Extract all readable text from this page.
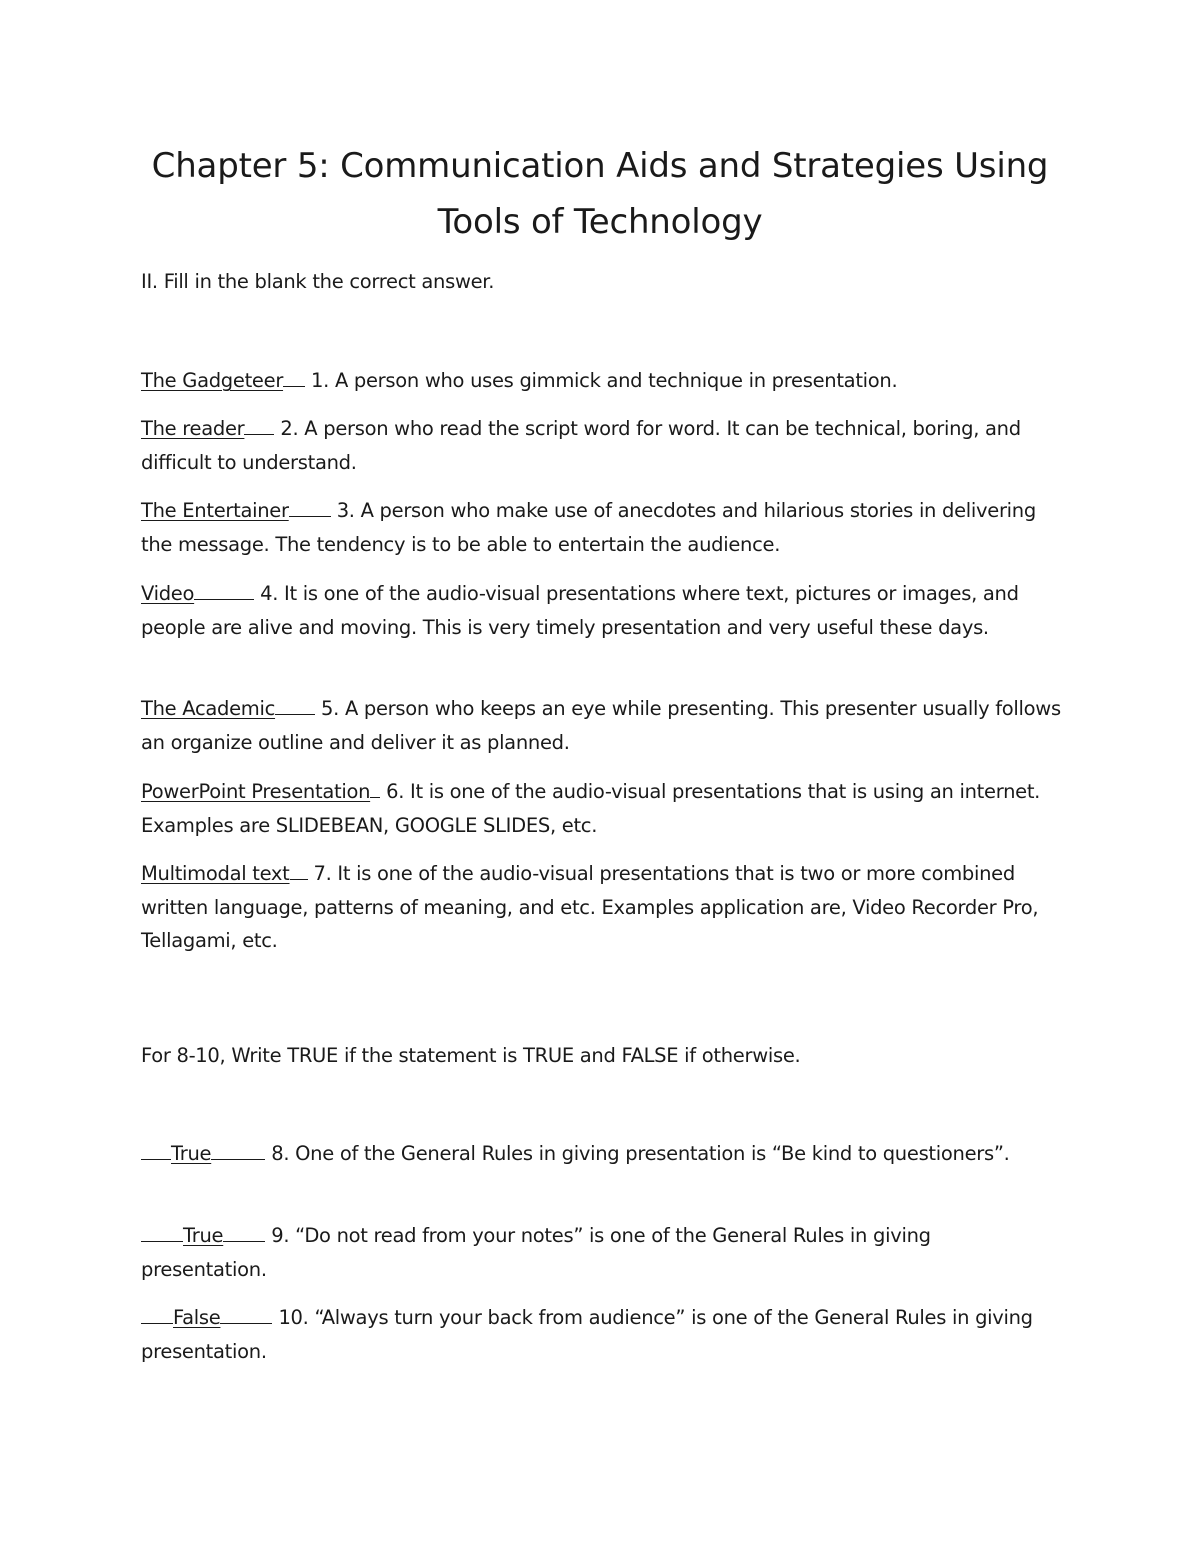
Chapter 5: Communication Aids and Strategies Using
Tools of Technology

II. Fill in the blank the correct answer.

The Gadgeteer 1. A person who uses gimmick and technique in presentation.

The reader 2. A person who read the script word for word. It can be technical, boring, and difficult to understand.

The Entertainer 3. A person who make use of anecdotes and hilarious stories in delivering the message. The tendency is to be able to entertain the audience.

Video	4. It is one of the audio-visual presentations where text, pictures or images, and people are alive and moving. This is very timely presentation and very useful these days.

The Academic 5. A person who keeps an eye while presenting. This presenter usually follows an organize outline and deliver it as planned.

PowerPoint Presentation 6. It is one of the audio-visual presentations that is using an internet. Examples are SLIDEBEAN, GOOGLE SLIDES, etc.

Multimodal text 7. It is one of the audio-visual presentations that is two or more combined written language, patterns of meaning, and etc. Examples application are, Video Recorder Pro, Tellagami, etc.

For 8-10, Write TRUE if the statement is TRUE and FALSE if otherwise.

True	8. One of the General Rules in giving presentation is “Be kind to questioners”.

True 9. “Do not read from your notes” is one of the General Rules in giving presentation.

False	10. “Always turn your back from audience” is one of the General Rules in giving presentation.
